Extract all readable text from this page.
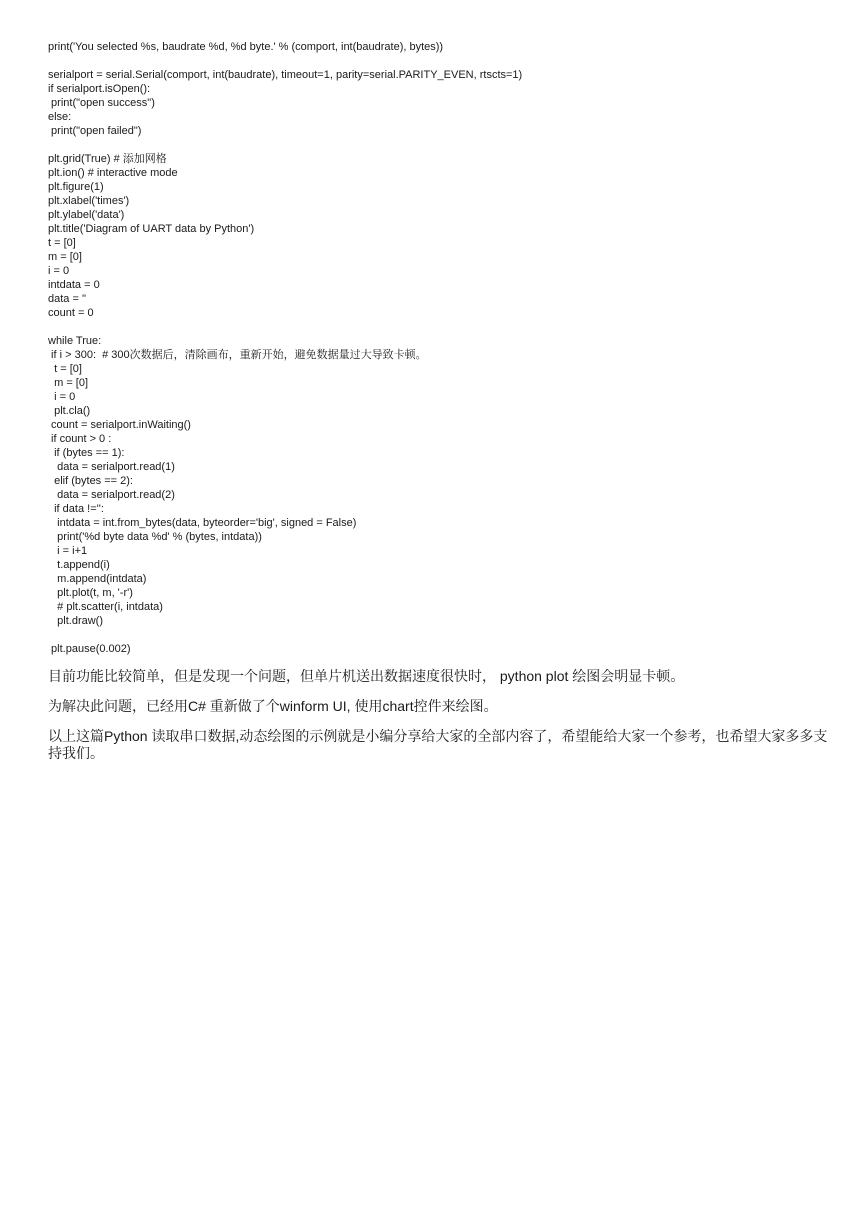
print('You selected %s, baudrate %d, %d byte.' % (comport, int(baudrate), bytes))
serialport = serial.Serial(comport, int(baudrate), timeout=1, parity=serial.PARITY_EVEN, rtscts=1)
if serialport.isOpen():
print("open success")
else:
print("open failed")
plt.grid(True) # 添加网格
plt.ion() # interactive mode
plt.figure(1)
plt.xlabel('times')
plt.ylabel('data')
plt.title('Diagram of UART data by Python')
t = [0]
m = [0]
i = 0
intdata = 0
data = ''
count = 0
while True:
if i > 300:  # 300次数据后，清除画布，重新开始，避免数据量过大导致卡顿。
t = [0]
m = [0]
i = 0
plt.cla()
count = serialport.inWaiting()
if count > 0 :
if (bytes == 1):
data = serialport.read(1)
elif (bytes == 2):
data = serialport.read(2)
if data !='':
intdata = int.from_bytes(data, byteorder='big', signed = False)
print('%d byte data %d' % (bytes, intdata))
i = i+1
t.append(i)
m.append(intdata)
plt.plot(t, m, '-r')
# plt.scatter(i, intdata)
plt.draw()
plt.pause(0.002)

目前功能比较简单，但是发现一个问题，但单片机送出数据速度很快时， python plot 绘图会明显卡顿。

为解决此问题，已经用C# 重新做了个winform UI, 使用chart控件来绘图。

以上这篇Python 读取串口数据,动态绘图的示例就是小编分享给大家的全部内容了，希望能给大家一个参考，也希望大家多多支持我们。
